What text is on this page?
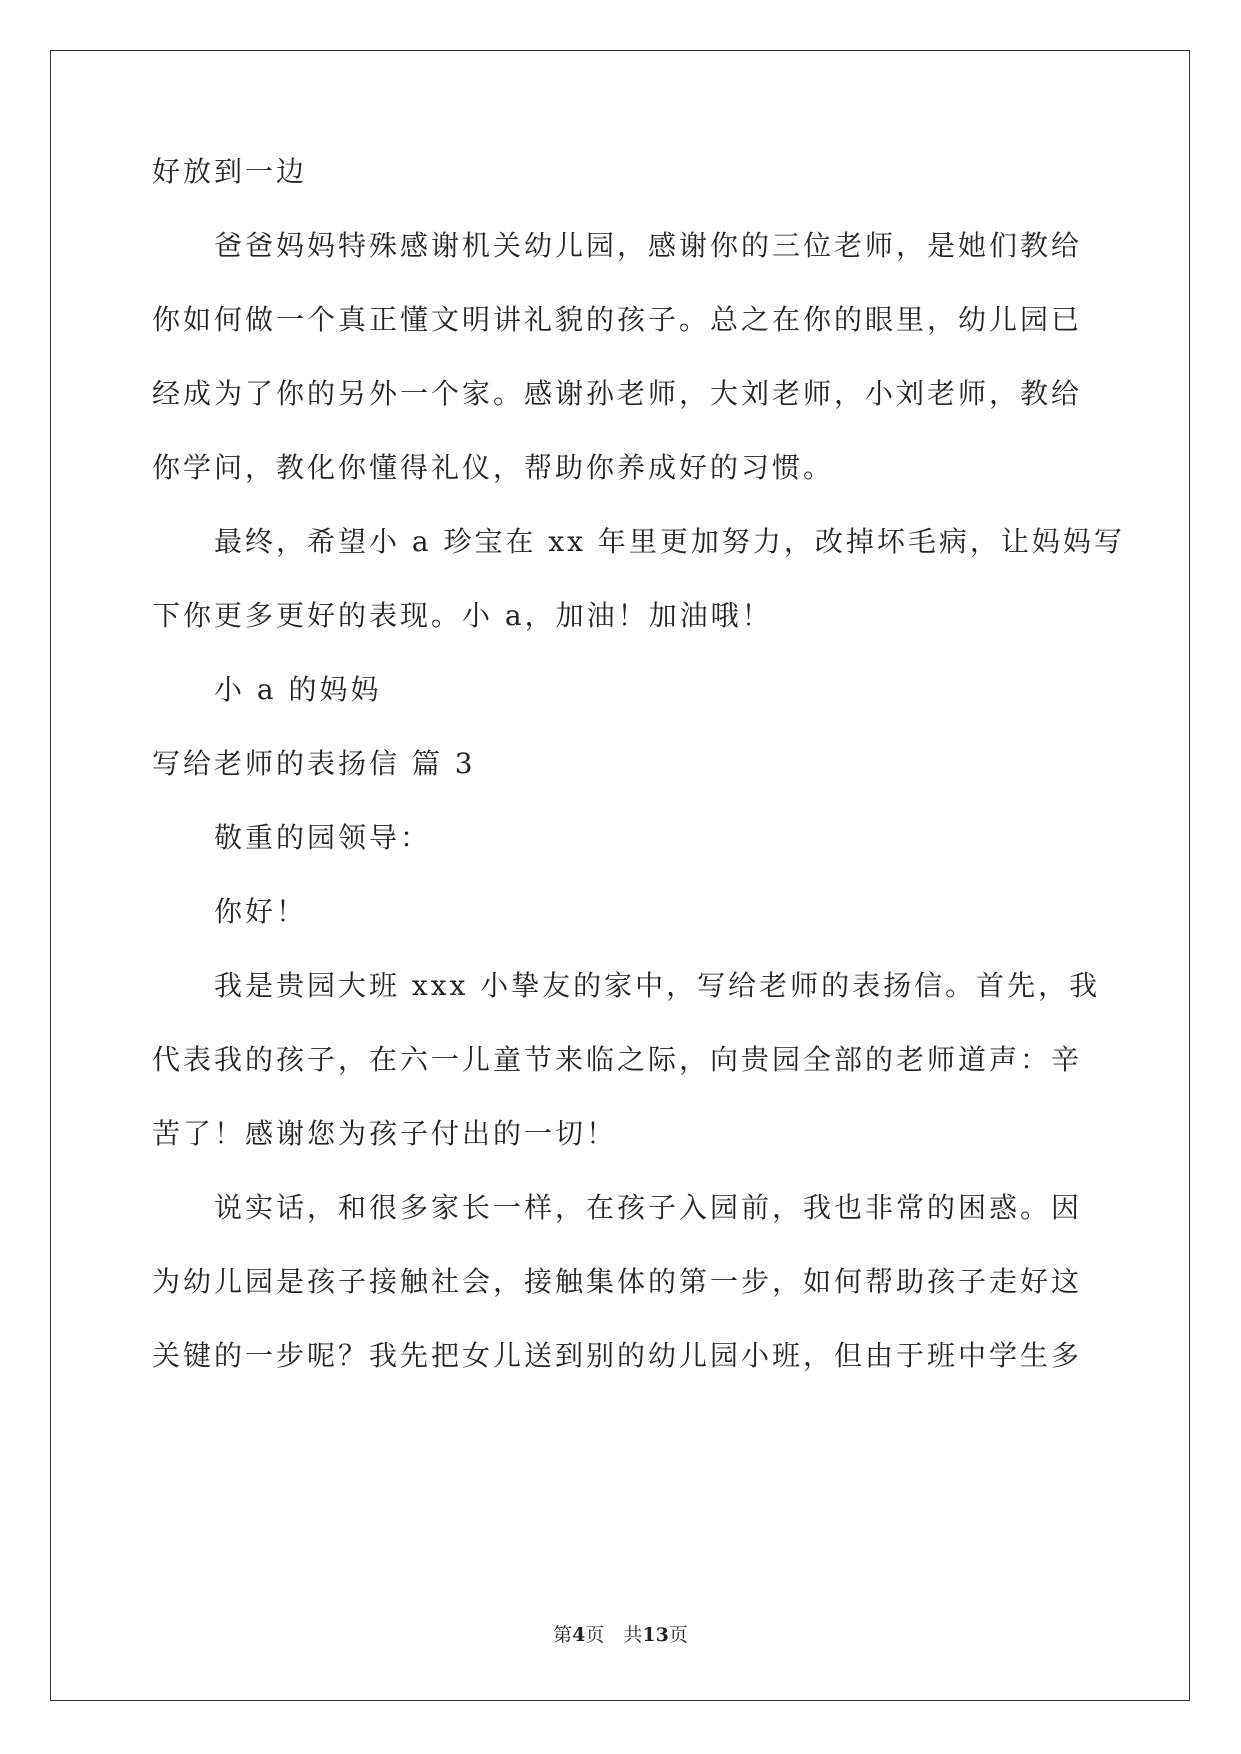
好放到一边
爸爸妈妈特殊感谢机关幼儿园，感谢你的三位老师，是她们教给
你如何做一个真正懂文明讲礼貌的孩子。总之在你的眼里，幼儿园已
经成为了你的另外一个家。感谢孙老师，大刘老师，小刘老师，教给
你学问，教化你懂得礼仪，帮助你养成好的习惯。
最终，希望小 a 珍宝在 xx 年里更加努力，改掉坏毛病，让妈妈写
下你更多更好的表现。小 a，加油！加油哦！
小 a 的妈妈
写给老师的表扬信 篇 3
敬重的园领导：
你好！
我是贵园大班 xxx 小挚友的家中，写给老师的表扬信。首先，我
代表我的孩子，在六一儿童节来临之际，向贵园全部的老师道声：辛
苦了！感谢您为孩子付出的一切！
说实话，和很多家长一样，在孩子入园前，我也非常的困惑。因
为幼儿园是孩子接触社会，接触集体的第一步，如何帮助孩子走好这
关键的一步呢？我先把女儿送到别的幼儿园小班，但由于班中学生多
第4页　共13页
